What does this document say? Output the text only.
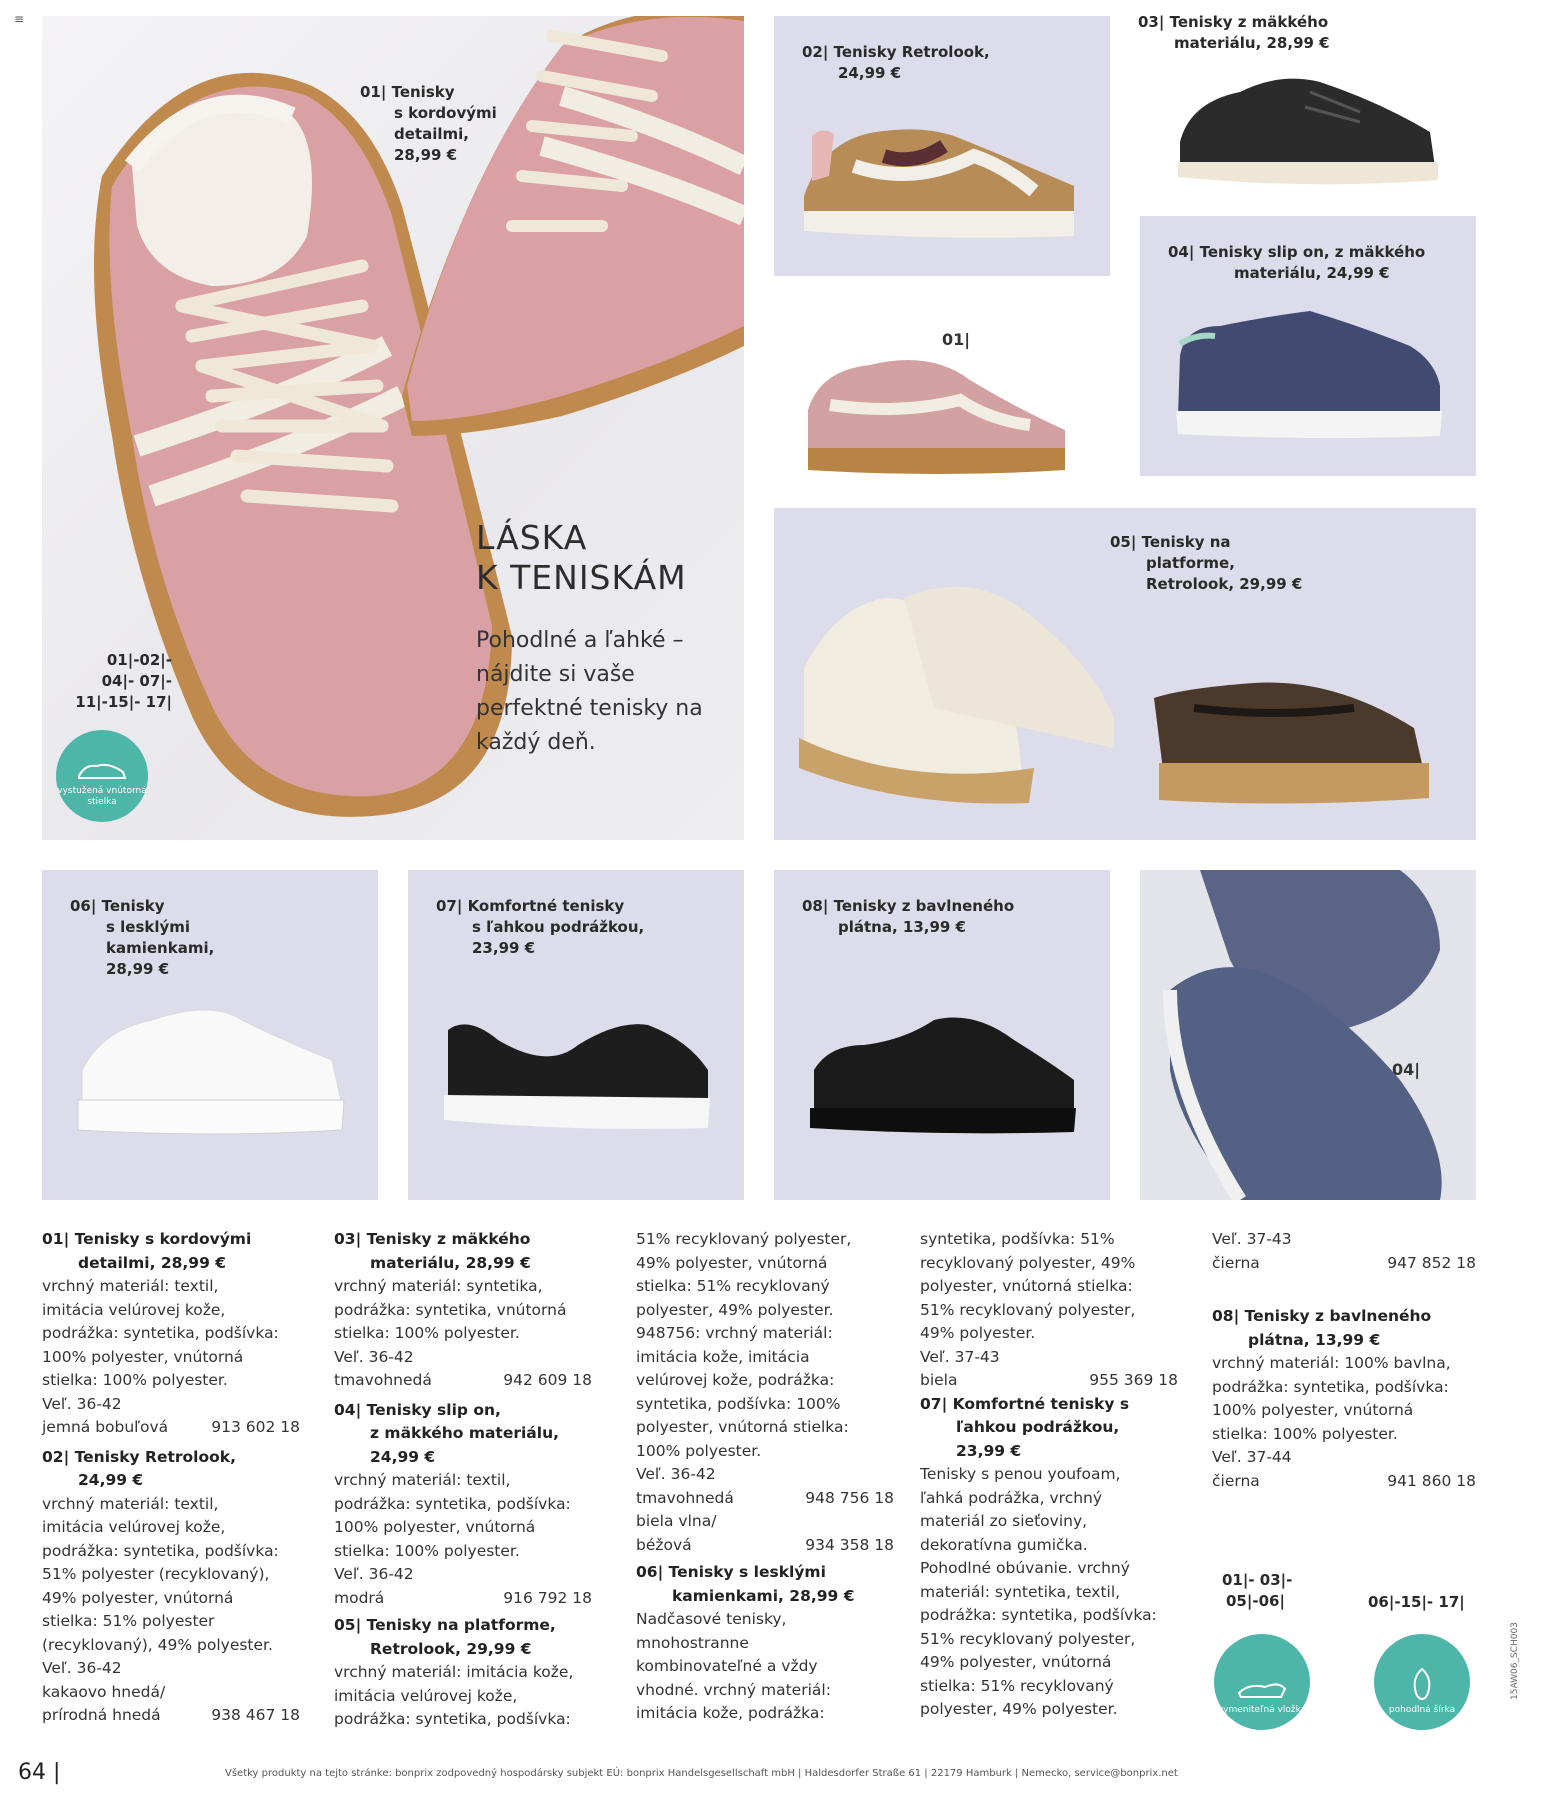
≡
01| Tenisky
s kordovými
detailmi,
28,99 €
01|-02|-
04|- 07|-
11|-15|- 17|
vystužená vnútorná stielka
LÁSKA
K TENISKÁM
Pohodlné a ľahké – nájdite si vaše perfektné tenisky na každý deň.
02| Tenisky Retrolook,
24,99 €
03| Tenisky z mäkkého
materiálu, 28,99 €
01|
04| Tenisky slip on, z mäkkého
materiálu, 24,99 €
05| Tenisky na
platforme,
Retrolook, 29,99 €
06| Tenisky
s lesklými
kamienkami,
28,99 €
07| Komfortné tenisky
s ľahkou podrážkou,
23,99 €
08| Tenisky z bavlneného
plátna, 13,99 €
04|

01| Tenisky s kordovými

detailmi, 28,99 €

vrchný materiál: textil,

imitácia velúrovej kože,

podrážka: syntetika, podšívka:

100% polyester, vnútorná

stielka: 100% polyester.

Veľ. 36-42

jemná bobuľová	913 602 18

02| Tenisky Retrolook,

24,99 €

vrchný materiál: textil,

imitácia velúrovej kože,

podrážka: syntetika, podšívka:

51% polyester (recyklovaný),

49% polyester, vnútorná

stielka: 51% polyester

(recyklovaný), 49% polyester.

Veľ. 36-42

kakaovo hnedá/

prírodná hnedá	938 467 18

03| Tenisky z mäkkého

materiálu, 28,99 €

vrchný materiál: syntetika,

podrážka: syntetika, vnútorná

stielka: 100% polyester.

Veľ. 36-42

tmavohnedá	942 609 18

04| Tenisky slip on,

z mäkkého materiálu,

24,99 €

vrchný materiál: textil,

podrážka: syntetika, podšívka:

100% polyester, vnútorná

stielka: 100% polyester.

Veľ. 36-42

modrá	916 792 18

05| Tenisky na platforme,

Retrolook, 29,99 €

vrchný materiál: imitácia kože,

imitácia velúrovej kože,

podrážka: syntetika, podšívka:

51% recyklovaný polyester,

49% polyester, vnútorná

stielka: 51% recyklovaný

polyester, 49% polyester.

948756: vrchný materiál:

imitácia kože, imitácia

velúrovej kože, podrážka:

syntetika, podšívka: 100%

polyester, vnútorná stielka:

100% polyester.

Veľ. 36-42

tmavohnedá	948 756 18

biela vlna/

béžová	934 358 18

06| Tenisky s lesklými

kamienkami, 28,99 €

Nadčasové tenisky,

mnohostranne

kombinovateľné a vždy

vhodné. vrchný materiál:

imitácia kože, podrážka:

syntetika, podšívka: 51%

recyklovaný polyester, 49%

polyester, vnútorná stielka:

51% recyklovaný polyester,

49% polyester.

Veľ. 37-43

biela	955 369 18

07| Komfortné tenisky s

ľahkou podrážkou,

23,99 €

Tenisky s penou youfoam,

ľahká podrážka, vrchný

materiál zo sieťoviny,

dekoratívna gumička.

Pohodlné obúvanie. vrchný

materiál: syntetika, textil,

podrážka: syntetika, podšívka:

51% recyklovaný polyester,

49% polyester, vnútorná

stielka: 51% recyklovaný

polyester, 49% polyester.

Veľ. 37-43

čierna	947 852 18

08| Tenisky z bavlneného

plátna, 13,99 €

vrchný materiál: 100% bavlna,

podrážka: syntetika, podšívka:

100% polyester, vnútorná

stielka: 100% polyester.

Veľ. 37-44

čierna	941 860 18
01|- 03|-
05|-06|
vymeniteľná vložka
06|-15|- 17|
pohodlná šírka
64 |	Všetky produkty na tejto stránke: bonprix zodpovedný hospodársky subjekt EÚ: bonprix Handelsgesellschaft mbH | Haldesdorfer Straße 61 | 22179 Hamburk | Nemecko, service@bonprix.net
15AW06_SCH003
